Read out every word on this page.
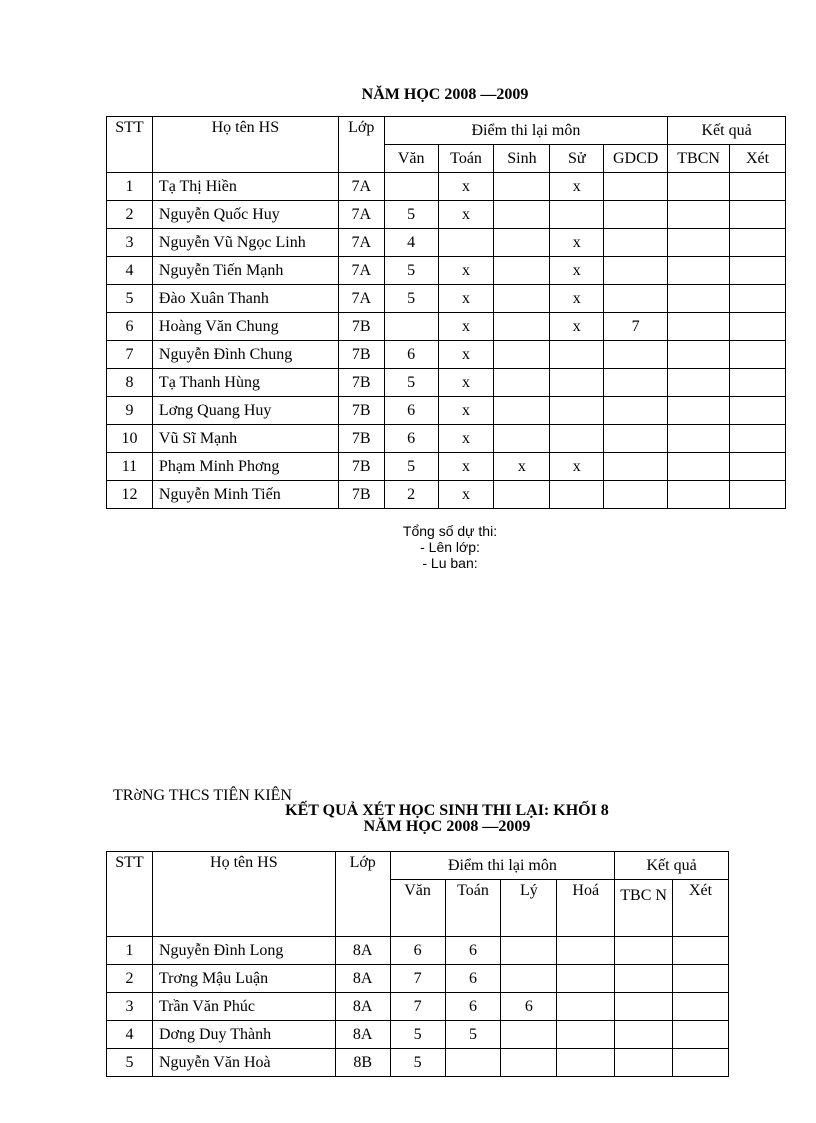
NĂM HỌC 2008 —2009
STT	Họ tên HS	Lớp	Điểm thi lại môn					Kết quả	
			Văn	Toán	Sinh	Sử	GDCD	TBCN	Xét
1	Tạ Thị Hiền	7A		x		x			
2	Nguyễn Quốc Huy	7A	5	x					
3	Nguyễn Vũ Ngọc Linh	7A	4			x			
4	Nguyễn Tiến Mạnh	7A	5	x		x			
5	Đào Xuân Thanh	7A	5	x		x			
6	Hoàng Văn Chung	7B		x		x	7		
7	Nguyễn Đình Chung	7B	6	x					
8	Tạ Thanh Hùng	7B	5	x					
9	Lơng Quang Huy	7B	6	x					
10	Vũ Sĩ Mạnh	7B	6	x					
11	Phạm Minh Phơng	7B	5	x	x	x			
12	Nguyễn Minh Tiến	7B	2	x					
Tổng số dự thi:
- Lên lớp:
- Lu ban:
TRờNG THCS TIÊN KIÊN
KẾT QUẢ XÉT HỌC SINH THI LẠI: KHỐI 8
NĂM HỌC 2008 —2009
STT	Họ tên HS	Lớp	Điểm thi lại môn				Kết quả	
			Văn	Toán	Lý	Hoá	TBC N	Xét
1	Nguyễn Đình Long	8A	6	6				
2	Trơng Mậu Luận	8A	7	6				
3	Trần Văn Phúc	8A	7	6	6			
4	Dơng Duy Thành	8A	5	5				
5	Nguyễn Văn Hoà	8B	5					
